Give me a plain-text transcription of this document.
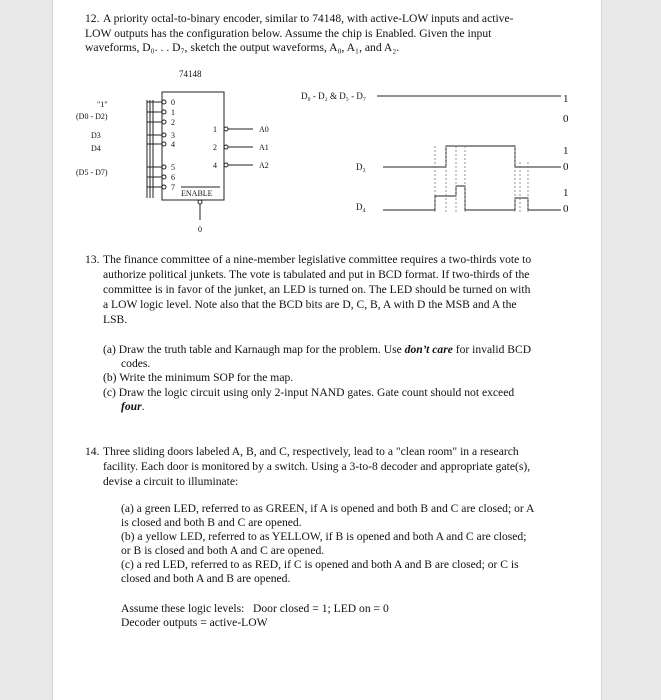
12. A priority octal-to-binary encoder, similar to 74148, with active-LOW inputs and active-
LOW outputs has the configuration below. Assume the chip is Enabled. Given the input
waveforms, D₀. . . D₇, sketch the output waveforms, A₀, A₁, and A₂.
74148
0
1
2
3
4
5
6
7
1
2
4
A0
A1
A2
ENABLE
0
"1"
(D0 - D2)
D3
D4
(D5 - D7)
D₀ - D₂ & D₅ - D₇	1
0
D₃
1
0
D₄
1
0
13. The finance committee of a nine-member legislative committee requires a two-thirds vote to
authorize political junkets. The vote is tabulated and put in BCD format. If two-thirds of the
committee is in favor of the junket, an LED is turned on. The LED should be turned on with
a LOW logic level. Note also that the BCD bits are D, C, B, A with D the MSB and A the
LSB.
(a) Draw the truth table and Karnaugh map for the problem. Use don’t care for invalid BCD
codes.
(b) Write the minimum SOP for the map.
(c) Draw the logic circuit using only 2-input NAND gates. Gate count should not exceed
four.
14. Three sliding doors labeled A, B, and C, respectively, lead to a "clean room" in a research
facility. Each door is monitored by a switch. Using a 3-to-8 decoder and appropriate gate(s),
devise a circuit to illuminate:
(a) a green LED, referred to as GREEN, if A is opened and both B and C are closed; or A
is closed and both B and C are opened.
(b) a yellow LED, referred to as YELLOW, if B is opened and both A and C are closed;
or B is closed and both A and C are opened.
(c) a red LED, referred to as RED, if C is opened and both A and B are closed; or C is
closed and both A and B are opened.
Assume these logic levels:   Door closed = 1; LED on = 0
Decoder outputs = active-LOW
